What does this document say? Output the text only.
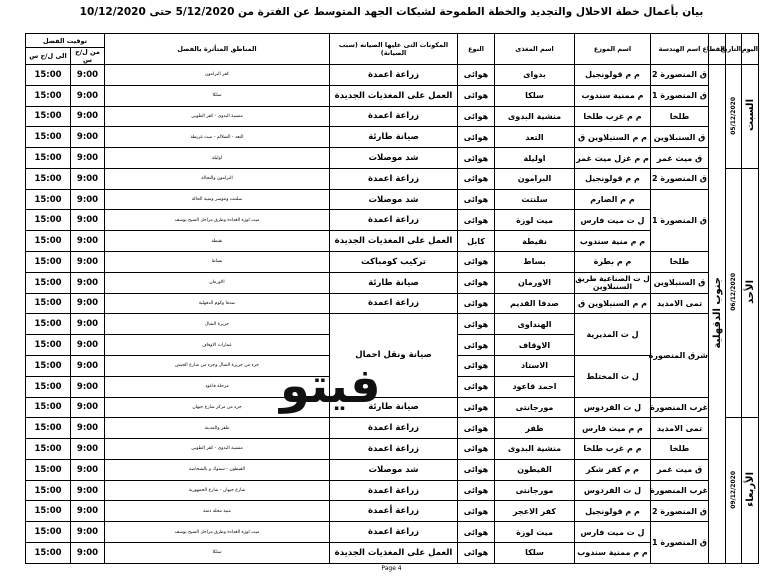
بيان بأعمال خطة الاحلال والتجديد والخطة الطموحة لشبكات الجهد المتوسط عن الفترة من 5/12/2020 حتى 10/12/2020
اليوم	التاريخ	القطاع	اسم الهندسة	اسم الموزع	اسم المغذى	النوع	المكونات التى عليها الصيانه (سبب الصيانة)	المناطق المتأثرة بالفصل	توقيت الفصل	
									من ل/ح س	الى ل/ح س
السبت	05/12/2020	جنوب الدقهلية	ق المنصورة 2	م م قولونجيل	بدواى	هوائى	زراعة اعمدة	كفر البرامون	9:00	15:00
			ق المنصورة 1	م ممنية سندوب	سلكا	هوائى	العمل على المغذيات الجديدة	سلكا	9:00	15:00
			طلخا	م م غرب طلخا	منشية البدوى	هوائى	زراعة اعمدة	منشية البدوى - كفر الطوبي	9:00	15:00
			ق السنبلاوين	م م السنبلاوين ق	التعد	هوائى	صيانة طارئة	التعد - السلالم - ميت غريطة	9:00	15:00
			ق ميت غمر	م م غزل ميت غمر	اوليلة	هوائى	شد موصلات	اوليلة	9:00	15:00
الأحد	06/12/2020		ق المنصورة 2	م م قولونجيل	البرامون	هوائى	زراعة اعمدة	البرامون والنجالة	9:00	15:00
			ق المنصورة 1	م م الصارم	سلنتت	هوائى	شد موصلات	سلنتت ونتوسر ومنية الجالة	9:00	15:00
				ل ت ميت فارس	ميت لوزة	هوائى	زراعة اعمدة	ميت لوزة الغدادة وطرق مراحل الشيخ يوسف	9:00	15:00
				م م منية سندوب	نقيطة	كابل	العمل على المغذيات الجديدة	نقيطة	9:00	15:00
			طلخا	م م بطرة	بساط	هوائى	تركيب كومباكت	بساط	9:00	15:00
			ق السنبلاوين	ل ت الصناعية طريق السنبلاوين	الاورمان	هوائى	صيانة طارئة	الاورمان	9:00	15:00
			تمى الامديد	م م السنبلاوين ق	صدفا القديم	هوائى	زراعة اعمدة	صدفا وكوم الدقهلية	9:00	15:00
			شرق المنصورة	ل ت المديرية	الهنداوى	هوائى	صيانة ونقل احمال	جزيرة الشال	9:00	15:00
					الاوقاف	هوائى		عمارات الاوقاف	9:00	15:00
				ل ت المختلط	الاستاد	هوائى		جزء من جزيرة الشال وجزء من شارع الجيش	9:00	15:00
					احمد قاعود	هوائى		مرحلة قاعود	9:00	15:00
			غرب المنصورة	ل ت الفردوس	مورجانتى	هوائى	صيانة طارئة	جزء من مركز شارع جيهان	9:00	15:00
الأربعاء	09/12/2020		تمى الامديد	م م ميت فارس	ظفر	هوائى	زراعة اعمدة	ظفر والمدينة	9:00	15:00
			طلخا	م م غرب طلخا	منشية البدوى	هوائى	زراعة اعمدة	منشية البدوى - كفر الطوبي	9:00	15:00
			ق ميت غمر	م م كفر شكر	القيطون	هوائى	شد موصلات	القيطون - سموك و بالشخاصة	9:00	15:00
			غرب المنصورة	ل ت الفردوس	مورجانتى	هوائى	زراعة اعمدة	شارع جيهان - شارع الجمهورية	9:00	15:00
			ق المنصورة 2	م م قولونجيل	كفر الاعجر	هوائى	زراعة أعمدة	منية محلة دمنة	9:00	15:00
			ق المنصورة 1	ل ت ميت فارس	ميت لوزة	هوائى	زراعة اعمدة	ميت لوزة الغدادة وطرق مراحل الشيخ يوسف	9:00	15:00
				م م ممنية سندوب	سلكا	هوائى	العمل على المغذيات الجديدة	سلكا	9:00	15:00
فيتو
Page 4
